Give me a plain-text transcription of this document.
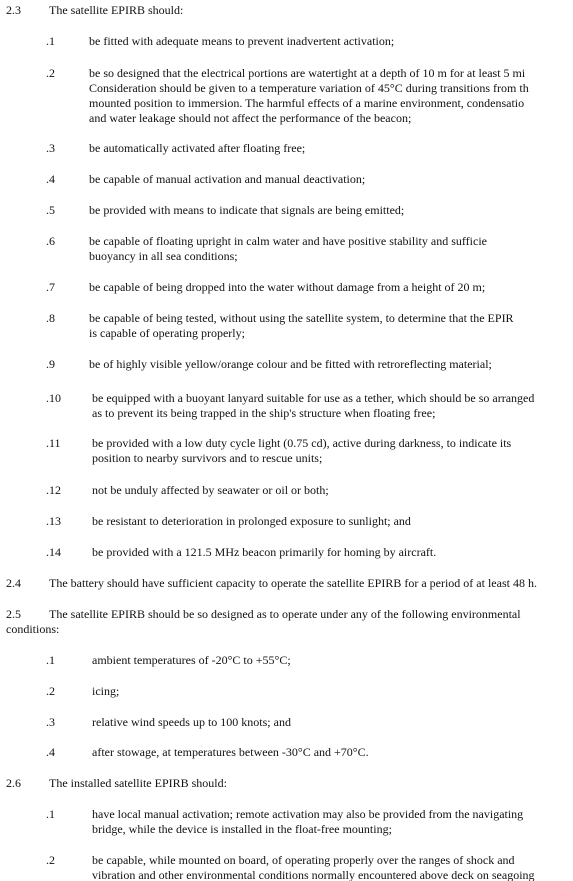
2.3 The satellite EPIRB should:
.1	be fitted with adequate means to prevent inadvertent activation;
.2	be so designed that the electrical portions are watertight at a depth of 10 m for at least 5 mi
Consideration should be given to a temperature variation of 45°C during transitions from th
mounted position to immersion. The harmful effects of a marine environment, condensatio
and water leakage should not affect the performance of the beacon;
.3	be automatically activated after floating free;
.4	be capable of manual activation and manual deactivation;
.5	be provided with means to indicate that signals are being emitted;
.6	be capable of floating upright in calm water and have positive stability and sufficie
buoyancy in all sea conditions;
.7	be capable of being dropped into the water without damage from a height of 20 m;
.8	be capable of being tested, without using the satellite system, to determine that the EPIR
is capable of operating properly;
.9	be of highly visible yellow/orange colour and be fitted with retroreflecting material;
.10	be equipped with a buoyant lanyard suitable for use as a tether, which should be so arranged
as to prevent its being trapped in the ship's structure when floating free;
.11	be provided with a low duty cycle light (0.75 cd), active during darkness, to indicate its
position to nearby survivors and to rescue units;
.12	not be unduly affected by seawater or oil or both;
.13	be resistant to deterioration in prolonged exposure to sunlight; and
.14	be provided with a 121.5 MHz beacon primarily for homing by aircraft.
2.4 The battery should have sufficient capacity to operate the satellite EPIRB for a period of at least 48 h.
2.5 The satellite EPIRB should be so designed as to operate under any of the following environmental
conditions:
.1	ambient temperatures of -20°C to +55°C;
.2	icing;
.3	relative wind speeds up to 100 knots; and
.4	after stowage, at temperatures between -30°C and +70°C.
2.6 The installed satellite EPIRB should:
.1	have local manual activation; remote activation may also be provided from the navigating
bridge, while the device is installed in the float-free mounting;
.2	be capable, while mounted on board, of operating properly over the ranges of shock and
vibration and other environmental conditions normally encountered above deck on seagoing
